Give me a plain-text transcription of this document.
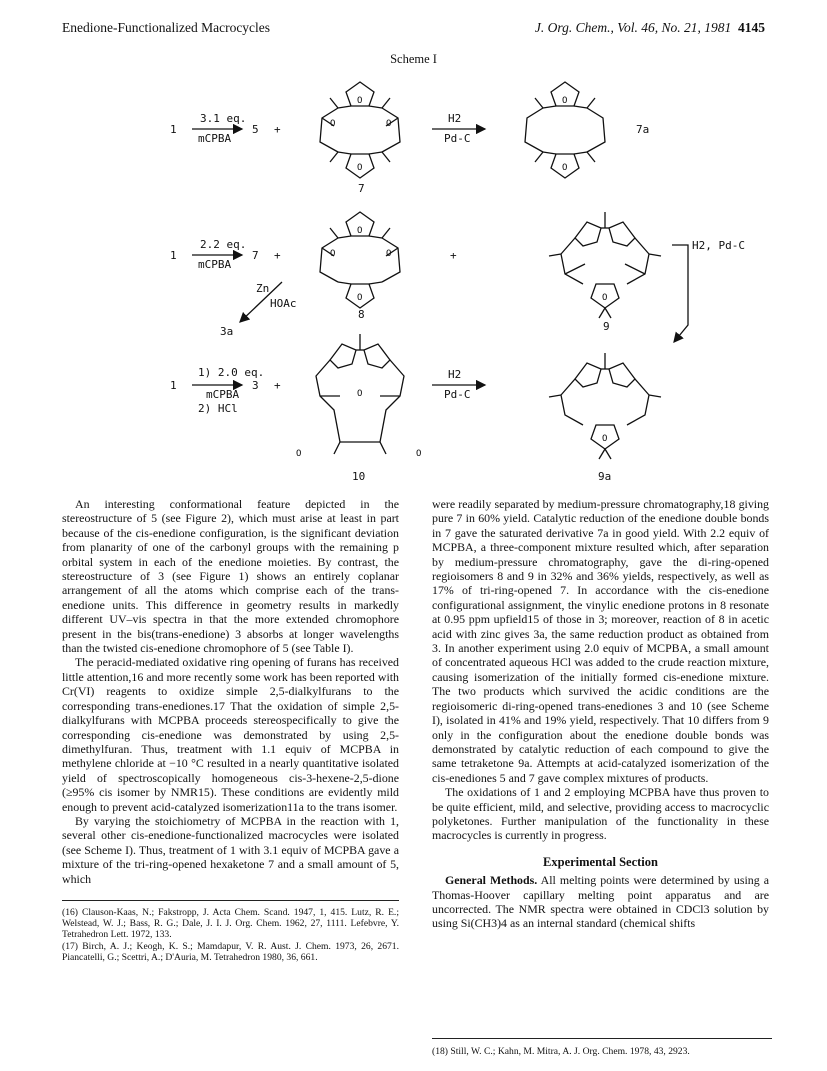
Enedione-Functionalized Macrocycles	J. Org. Chem., Vol. 46, No. 21, 1981 4145
Scheme I
O
O	O
O
O
O
O
O	O
O	O
O
O	O
O
1
3.1 eq.
mCPBA
5 +
7
H2
Pd-C
7a
1
2.2 eq.
mCPBA
7 +
8
+
9
H2, Pd-C
Zn
HOAc
3a
1
1) 2.0 eq.
mCPBA
2) HCl
3 +
10
H2
Pd-C
9a

An interesting conformational feature depicted in the stereostructure of 5 (see Figure 2), which must arise at least in part because of the cis-enedione configuration, is the significant deviation from planarity of one of the carbonyl groups with the remaining p orbital system in each of the enedione moieties. By contrast, the stereostructure of 3 (see Figure 1) shows an entirely coplanar arrangement of all the atoms which comprise each of the trans-enedione units. This difference in geometry results in markedly different UV–vis spectra in that the more extended chromophore present in the bis(trans-enedione) 3 absorbs at longer wavelengths than the twisted cis-enedione chromophore of 5 (see Table I).

The peracid-mediated oxidative ring opening of furans has received little attention,16 and more recently some work has been reported with Cr(VI) reagents to oxidize simple 2,5-dialkylfurans to the corresponding trans-enediones.17 That the oxidation of simple 2,5-dialkylfurans with MCPBA proceeds stereospecifically to give the corresponding cis-enedione was demonstrated by using 2,5-dimethylfuran. Thus, treatment with 1.1 equiv of MCPBA in methylene chloride at −10 °C resulted in a nearly quantitative isolated yield of spectroscopically homogeneous cis-3-hexene-2,5-dione (≥95% cis isomer by NMR15). These conditions are evidently mild enough to prevent acid-catalyzed isomerization11a to the trans isomer.

By varying the stoichiometry of MCPBA in the reaction with 1, several other cis-enedione-functionalized macrocycles were isolated (see Scheme I). Thus, treatment of 1 with 3.1 equiv of MCPBA gave a mixture of the tri-ring-opened hexaketone 7 and a small amount of 5, which

(16) Clauson-Kaas, N.; Fakstropp, J. Acta Chem. Scand. 1947, 1, 415. Lutz, R. E.; Welstead, W. J.; Bass, R. G.; Dale, J. I. J. Org. Chem. 1962, 27, 1111. Lefebvre, Y. Tetrahedron Lett. 1972, 133.

(17) Birch, A. J.; Keogh, K. S.; Mamdapur, V. R. Aust. J. Chem. 1973, 26, 2671. Piancatelli, G.; Scettri, A.; D'Auria, M. Tetrahedron 1980, 36, 661.

were readily separated by medium-pressure chromatography,18 giving pure 7 in 60% yield. Catalytic reduction of the enedione double bonds in 7 gave the saturated derivative 7a in good yield. With 2.2 equiv of MCPBA, a three-component mixture resulted which, after separation by medium-pressure chromatography, gave the di-ring-opened regioisomers 8 and 9 in 32% and 36% yields, respectively, as well as 17% of tri-ring-opened 7. In accordance with the cis-enedione configurational assignment, the vinylic enedione protons in 8 resonate at 0.95 ppm upfield15 of those in 3; moreover, reaction of 8 in acetic acid with zinc gives 3a, the same reduction product as obtained from 3. In another experiment using 2.0 equiv of MCPBA, a small amount of concentrated aqueous HCl was added to the crude reaction mixture, causing isomerization of the initially formed cis-enedione mixture. The two products which survived the acidic conditions are the regioisomeric di-ring-opened trans-enediones 3 and 10 (see Scheme I), isolated in 41% and 19% yield, respectively. That 10 differs from 9 only in the configuration about the enedione double bonds was demonstrated by catalytic reduction of each compound to give the same tetraketone 9a. Attempts at acid-catalyzed isomerization of the cis-enediones 5 and 7 gave complex mixtures of products.

The oxidations of 1 and 2 employing MCPBA have thus proven to be quite efficient, mild, and selective, providing access to macrocyclic polyketones. Further manipulation of the functionality in these macrocycles is currently in progress.

Experimental Section

General Methods. All melting points were determined by using a Thomas-Hoover capillary melting point apparatus and are uncorrected. The NMR spectra were obtained in CDCl3 solution by using Si(CH3)4 as an internal standard (chemical shifts

(18) Still, W. C.; Kahn, M. Mitra, A. J. Org. Chem. 1978, 43, 2923.
